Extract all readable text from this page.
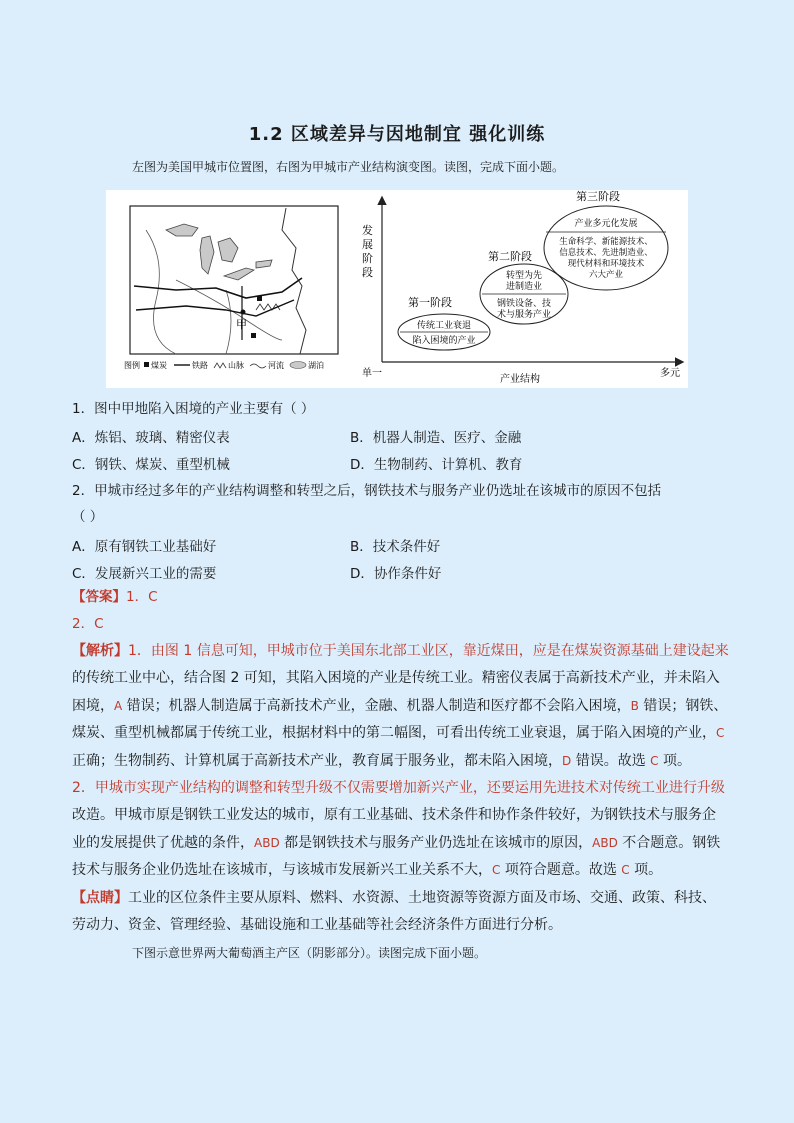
1.2 区域差异与因地制宜 强化训练
左图为美国甲城市位置图，右图为甲城市产业结构演变图。读图，完成下面小题。
甲
图例 煤炭	铁路	山脉	河流	湖泊
发
展
阶
段
单一
产业结构
多元
第一阶段
传统工业衰退
陷入困境的产业
第二阶段
转型为先
进制造业
钢铁设备、技
术与服务产业
第三阶段
产业多元化发展
生命科学、新能源技术、
信息技术、先进制造业、
现代材料和环境技术
六大产业
1．图中甲地陷入困境的产业主要有（ ）
A．炼铝、玻璃、精密仪表	B．机器人制造、医疗、金融
C．钢铁、煤炭、重型机械	D．生物制药、计算机、教育
2．甲城市经过多年的产业结构调整和转型之后，钢铁技术与服务产业仍选址在该城市的原因不包括
（ ）
A．原有钢铁工业基础好	B．技术条件好
C．发展新兴工业的需要	D．协作条件好
【答案】1．C
2．C
【解析】1．由图 1 信息可知，甲城市位于美国东北部工业区，靠近煤田，应是在煤炭资源基础上建设起来
的传统工业中心，结合图 2 可知，其陷入困境的产业是传统工业。精密仪表属于高新技术产业，并未陷入
困境，A 错误；机器人制造属于高新技术产业，金融、机器人制造和医疗都不会陷入困境，B 错误；钢铁、
煤炭、重型机械都属于传统工业，根据材料中的第二幅图，可看出传统工业衰退，属于陷入困境的产业，C
正确；生物制药、计算机属于高新技术产业，教育属于服务业，都未陷入困境，D 错误。故选 C 项。
2．甲城市实现产业结构的调整和转型升级不仅需要增加新兴产业，还要运用先进技术对传统工业进行升级
改造。甲城市原是钢铁工业发达的城市，原有工业基础、技术条件和协作条件较好，为钢铁技术与服务企
业的发展提供了优越的条件，ABD 都是钢铁技术与服务产业仍选址在该城市的原因，ABD 不合题意。钢铁
技术与服务企业仍选址在该城市，与该城市发展新兴工业关系不大，C 项符合题意。故选 C 项。
【点睛】工业的区位条件主要从原料、燃料、水资源、土地资源等资源方面及市场、交通、政策、科技、
劳动力、资金、管理经验、基础设施和工业基础等社会经济条件方面进行分析。
下图示意世界两大葡萄酒主产区（阴影部分）。读图完成下面小题。
